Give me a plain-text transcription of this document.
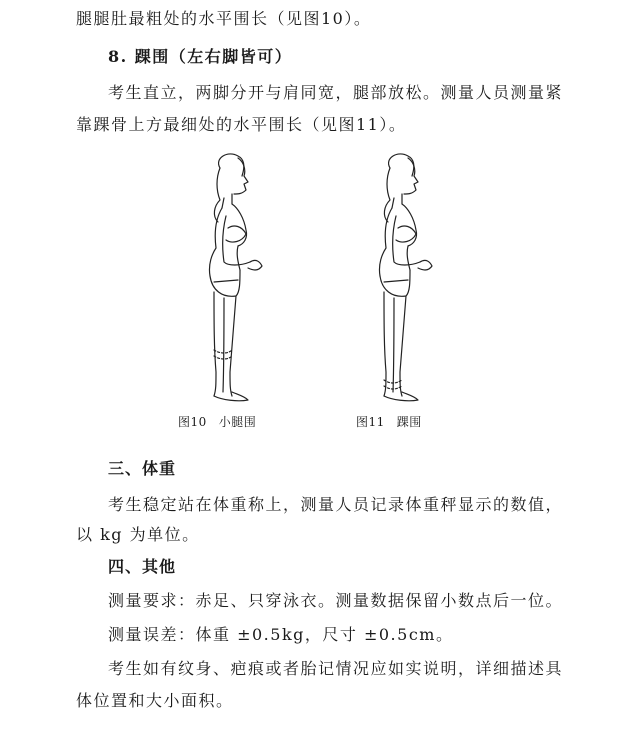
腿腿肚最粗处的水平围长（见图10）。
8. 踝围（左右脚皆可）
考生直立，两脚分开与肩同宽，腿部放松。测量人员测量紧
靠踝骨上方最细处的水平围长（见图11）。
图10 小腿围	图11 踝围
三、体重
考生稳定站在体重称上，测量人员记录体重秤显示的数值，
以 kg 为单位。
四、其他
测量要求：赤足、只穿泳衣。测量数据保留小数点后一位。
测量误差：体重 ±0.5kg，尺寸 ±0.5cm。
考生如有纹身、疤痕或者胎记情况应如实说明，详细描述具
体位置和大小面积。
